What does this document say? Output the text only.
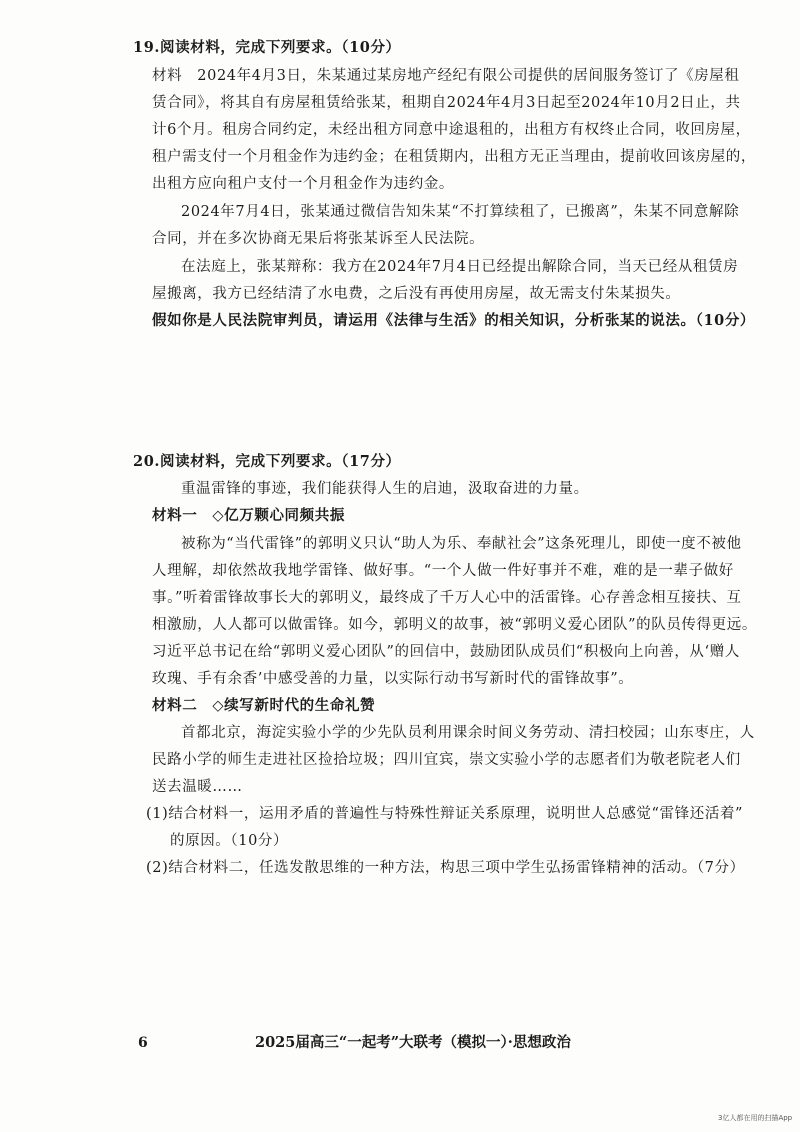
19.阅读材料，完成下列要求。（10分）
材料　2024年4月3日，朱某通过某房地产经纪有限公司提供的居间服务签订了《房屋租
赁合同》，将其自有房屋租赁给张某，租期自2024年4月3日起至2024年10月2日止，共
计6个月。租房合同约定，未经出租方同意中途退租的，出租方有权终止合同，收回房屋，
租户需支付一个月租金作为违约金；在租赁期内，出租方无正当理由，提前收回该房屋的，
出租方应向租户支付一个月租金作为违约金。
2024年7月4日，张某通过微信告知朱某“不打算续租了，已搬离”，朱某不同意解除
合同，并在多次协商无果后将张某诉至人民法院。
在法庭上，张某辩称：我方在2024年7月4日已经提出解除合同，当天已经从租赁房
屋搬离，我方已经结清了水电费，之后没有再使用房屋，故无需支付朱某损失。
假如你是人民法院审判员，请运用《法律与生活》的相关知识，分析张某的说法。（10分）
20.阅读材料，完成下列要求。（17分）
重温雷锋的事迹，我们能获得人生的启迪，汲取奋进的力量。
材料一　◇亿万颗心同频共振
被称为“当代雷锋”的郭明义只认“助人为乐、奉献社会”这条死理儿，即使一度不被他
人理解，却依然故我地学雷锋、做好事。“一个人做一件好事并不难，难的是一辈子做好
事。”听着雷锋故事长大的郭明义，最终成了千万人心中的活雷锋。心存善念相互接扶、互
相激励，人人都可以做雷锋。如今，郭明义的故事，被“郭明义爱心团队”的队员传得更远。
习近平总书记在给“郭明义爱心团队”的回信中，鼓励团队成员们“积极向上向善，从‘赠人
玫瑰、手有余香’中感受善的力量，以实际行动书写新时代的雷锋故事”。
材料二　◇续写新时代的生命礼赞
首都北京，海淀实验小学的少先队员利用课余时间义务劳动、清扫校园；山东枣庄，人
民路小学的师生走进社区捡拾垃圾；四川宜宾，崇文实验小学的志愿者们为敬老院老人们
送去温暖……
(1)结合材料一，运用矛盾的普遍性与特殊性辩证关系原理，说明世人总感觉“雷锋还活着”
的原因。（10分）
(2)结合材料二，任选发散思维的一种方法，构思三项中学生弘扬雷锋精神的活动。（7分）
6	2025届高三“一起考”大联考（模拟一）·思想政治
3亿人都在用的扫描App
